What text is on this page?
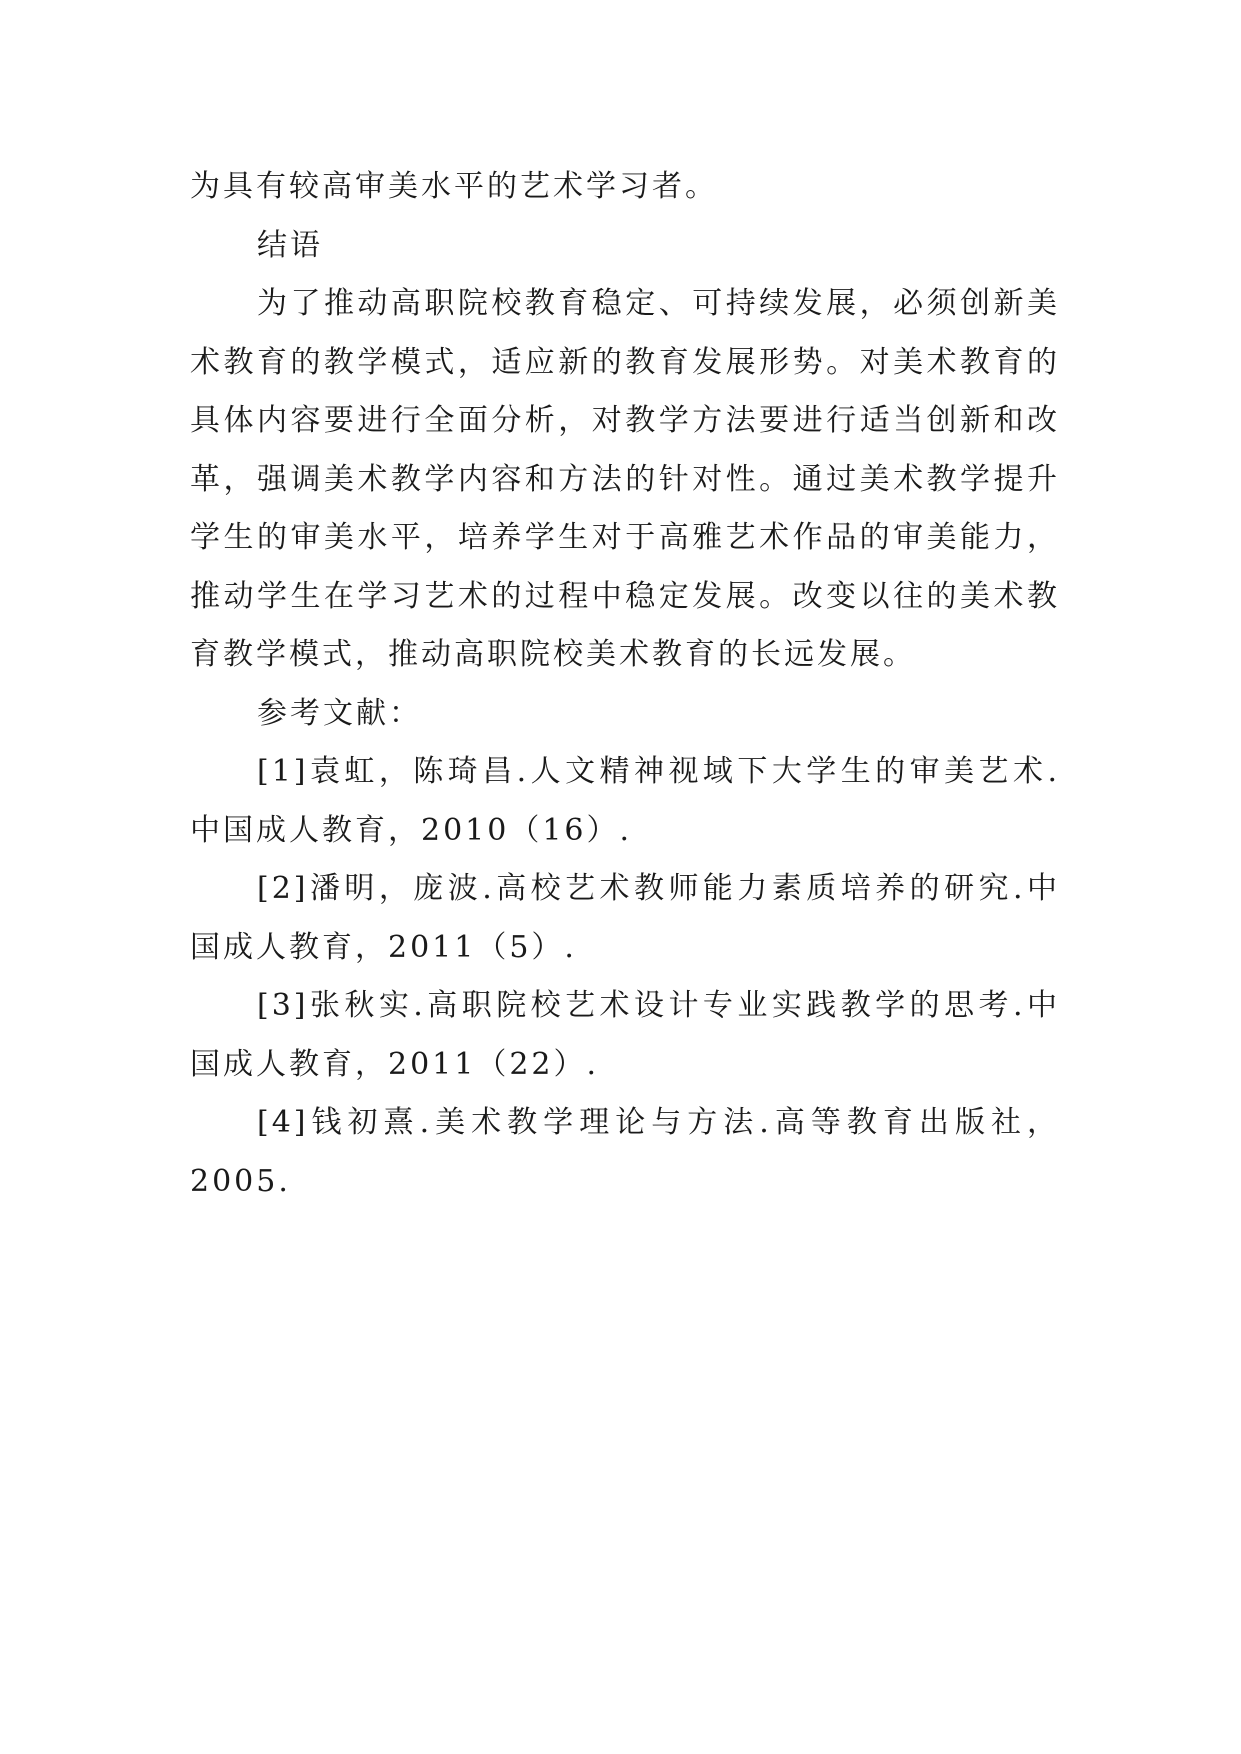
为具有较高审美水平的艺术学习者。
结语
为了推动高职院校教育稳定、可持续发展，必须创新美
术教育的教学模式，适应新的教育发展形势。对美术教育的
具体内容要进行全面分析，对教学方法要进行适当创新和改
革，强调美术教学内容和方法的针对性。通过美术教学提升
学生的审美水平，培养学生对于高雅艺术作品的审美能力，
推动学生在学习艺术的过程中稳定发展。改变以往的美术教
育教学模式，推动高职院校美术教育的长远发展。
参考文献：
[1]袁虹，陈琦昌.人文精神视域下大学生的审美艺术.
中国成人教育，2010（16）.
[2]潘明，庞波.高校艺术教师能力素质培养的研究.中
国成人教育，2011（5）.
[3]张秋实.高职院校艺术设计专业实践教学的思考.中
国成人教育，2011（22）.
[4]钱初熹.美术教学理论与方法.高等教育出版社，
2005.
